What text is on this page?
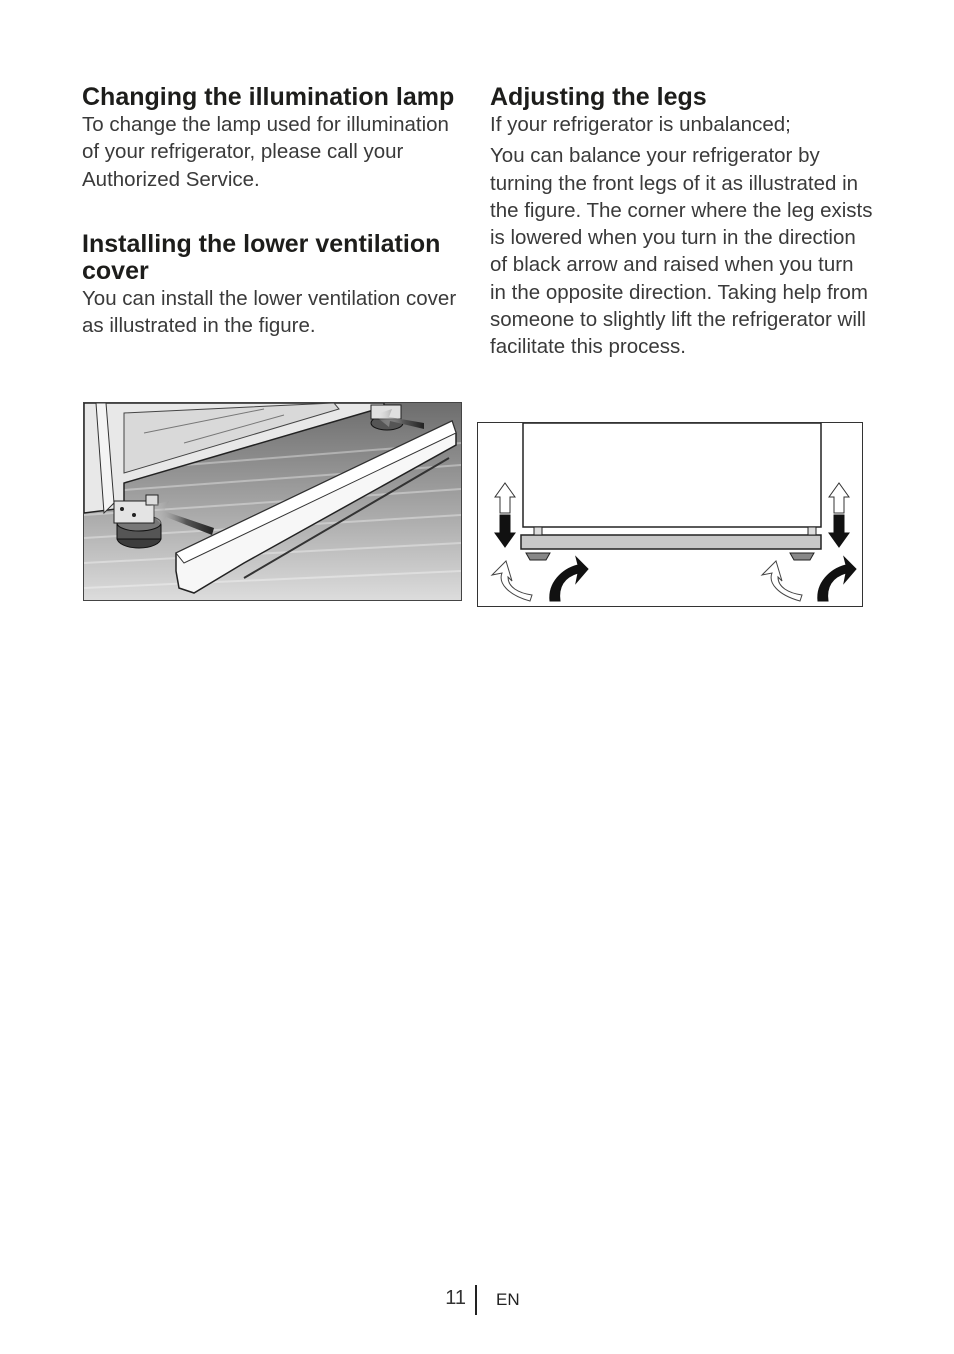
Changing the illumination lamp

To change the lamp used for illumination of your refrigerator, please call your Authorized Service.

Installing the lower ventilation cover

You can install the lower ventilation cover as illustrated in the figure.

Adjusting the legs

If your refrigerator is unbalanced;

You can balance your refrigerator by turning the front legs of it as illustrated in the figure. The corner where the leg exists is lowered when you turn in the direction of black arrow and raised when you turn in the opposite direction. Taking help from someone to slightly lift the refrigerator will facilitate this process.

11 EN
